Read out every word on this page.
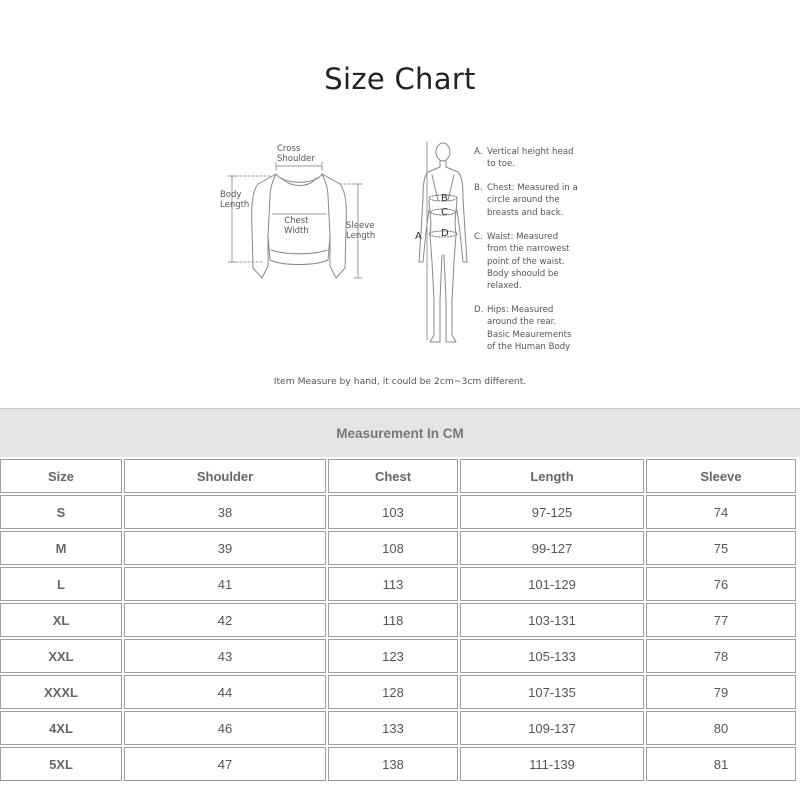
Size Chart
Cross
Shoulder
Body
Length
Chest
Width	Sleeve
Length	A
B
C
D
A. Vertical height head
to toe.
B. Chest: Measured in a
circle around the
breasts and back.
C. Waist: Measured
from the narrowest
point of the waist.
Body shoould be
relaxed.
D. Hips: Measured
around the rear.
Basic Meaurements
of the Human Body
Item Measure by hand, it could be 2cm~3cm different.
Measurement In CM
Size	Shoulder	Chest	Length	Sleeve
S	38	103	97-125	74
M	39	108	99-127	75
L	41	113	101-129	76
XL	42	118	103-131	77
XXL	43	123	105-133	78
XXXL	44	128	107-135	79
4XL	46	133	109-137	80
5XL	47	138	111-139	81
